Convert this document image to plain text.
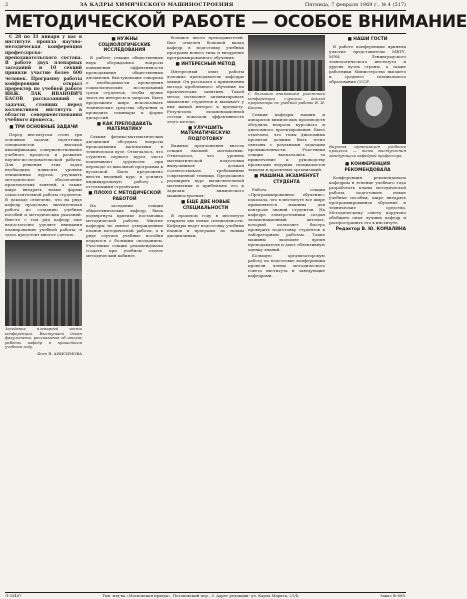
2	ЗА КАДРЫ ХИМИЧЕСКОГО МАШИНОСТРОЕНИЯ	Пятница, 7 февраля 1969 г., № 4 (517)
МЕТОДИЧЕСКОЙ РАБОТЕ — ОСОБОЕ ВНИМАНИЕ

С 28 по 31 января у нас в институте прошла научно-методическая конференция профессорско-преподавательского состава. В работе двух пленарных заседаний и 10 секций приняли участие более 600 человек. Программу работы конференции открыл проректор по учебной работе ИНЖ. ЛАК ИВАНОВИЧ БАСОВ рассказавший о задачах, стоящих перед коллективом института в области совершенствования учебного процесса.

■ ТРИ ОСНОВНЫЕ ЗАДАЧИ

Перед институтом стоят три основные задачи: подготовка специалистов высокой квалификации, совершенствование учебного процесса и развитие научно-исследовательской работы. Для решения этих задач необходимо повысить уровень лекционных курсов, улучшить методическое обеспечение практических занятий, а также шире внедрять новые формы самостоятельной работы студентов. В докладе отмечено, что на ряде кафедр проделана значительная работа по созданию учебных пособий и методических указаний. Вместе с тем ряд кафедр еще недостаточно уделяет внимания планированию учебной работы, и здесь предстоит многое сделать.

Заседание пленарной части конференции. Выступает декан факультета, рассказывая об итогах работы кафедр в прошедшем учебном году.
Фото В. АНИСИМОВА
■ НУЖНЫ СОЦИОЛОГИЧЕСКИЕ ИССЛЕДОВАНИЯ

В работе секции общественных наук обсуждались вопросы повышения эффективности преподавания общественных дисциплин. Выступающие говорили о необходимости проведения социологических исследований среди студентов, чтобы лучше знать их интересы и запросы. Было предложено шире использовать технические средства обучения и проводить семинары в форме дискуссий.

■ КАК ПРЕПОДАВАТЬ МАТЕМАТИКУ

Секция физико-математических дисциплин обсудила вопросы преподавания математики в техническом вузе. Отмечалось, что студенты первого курса часто испытывают трудности при переходе от школьной программы к вузовской. Было предложено ввести вводный курс и усилить индивидуальную работу с отстающими студентами.

■ ПЛОХО С МЕТОДИЧЕСКОЙ РАБОТОЙ

На заседании секции общетехнических кафедр была подвергнута критике постановка методической работы. Многие кафедры не имеют утвержденных планов методической работы, а в ряде случаев учебные пособия издаются с большим опозданием. Участники секции рекомендовали создать при учебном отделе методический кабинет.

большое число преподавателей. Был отмечен большой вклад кафедр в подготовку учебных программ нового типа и внедрение программированного обучения.

■ ИНТЕРЕСНЫЙ МЕТОД

Интересный опыт работы доложил преподаватель кафедры химии. Он рассказал о применении метода проблемного обучения на практических занятиях. Такой метод позволяет активизировать мышление студентов и вызывает у них живой интерес к предмету. Результаты экзаменационной сессии показали эффективность этого метода.

■ УЛУЧШИТЬ МАТЕМАТИЧЕСКУЮ ПОДГОТОВКУ

Важные предложения внесла секция высшей математики. Отмечалось, что уровень математической подготовки выпускников должен соответствовать требованиям современной техники. Предложено расширить курс вычислительной математики и приблизить его к задачам химического машиностроения.

■ ЕЩЕ ДВЕ НОВЫЕ СПЕЦИАЛЬНОСТИ

В прошлом году в институте открыты две новые специальности. Кафедры ведут подготовку учебных планов и программ по новым дисциплинам.

С большим вниманием участники конференции слушали доклад проректора по учебной работе В. И. Басова.

Секция кафедры машин и аппаратов химических производств обсудила вопросы курсового и дипломного проектирования. Было отмечено, что темы дипломных проектов должны быть тесно связаны с реальными задачами промышленности. Участники секции высказались за привлечение к руководству проектами ведущих специалистов заводов и проектных организаций.

■ МАШИНА ЭКЗАМЕНУЕТ СТУДЕНТА

Работа секции «Программированное обучение» показала, что в институте все шире применяются машины для контроля знаний студентов. На кафедре электротехники создан экзаменационный автомат, который позволяет быстро проверить подготовку студентов к лабораторным работам. Такие машины экономят время преподавателя и дают объективную оценку знаний.

Большую организаторскую работу по подготовке конференции провели члены методического совета института и заведующие кафедрами.

■ НАШИ ГОСТИ

В работе конференции приняли участие представители МВТУ, МЭИ, Ленинградского технологического института и других вузов страны, а также работники Министерства высшего и среднего специального образования СССР.

Научная организация учебного процесса — тема выступления заведующего кафедрой профессора.
■ КОНФЕРЕНЦИЯ РЕКОМЕНДОВАЛА

Конференция рекомендовала кафедрам в течение учебного года разработать планы методической работы, подготовить новые учебные пособия, шире внедрять программированное обучение и технические средства. Методическому совету поручено обобщить опыт лучших кафедр и распространить его в институте.

Редактор В. Ю. КОМАЛИНА
Л-33407	Тип. изд-ва «Московская правда», Потаповский пер., 3. Адрес редакции: ул. Карла Маркса, 21/4.	Заказ № 608.
